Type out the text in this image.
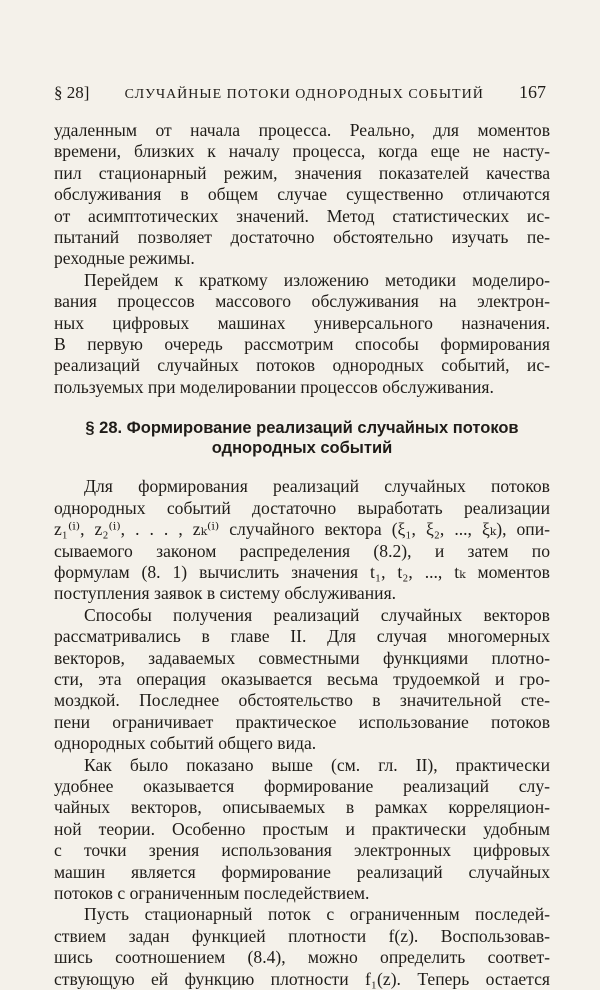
§ 28]	СЛУЧАЙНЫЕ ПОТОКИ ОДНОРОДНЫХ СОБЫТИЙ 167
удаленным от начала процесса. Реально, для моментов
времени, близких к началу процесса, когда еще не насту-
пил стационарный режим, значения показателей качества
обслуживания в общем случае существенно отличаются
от асимптотических значений. Метод статистических ис-
пытаний позволяет достаточно обстоятельно изучать пе-
реходные режимы.
Перейдем к краткому изложению методики моделиро-
вания процессов массового обслуживания на электрон-
ных цифровых машинах универсального назначения.
В первую очередь рассмотрим способы формирования
реализаций случайных потоков однородных событий, ис-
пользуемых при моделировании процессов обслуживания.
§ 28. Формирование реализаций случайных потоков
однородных событий
Для формирования реализаций случайных потоков
однородных событий достаточно выработать реализации
z₁⁽ⁱ⁾, z₂⁽ⁱ⁾, . . . , zₖ⁽ⁱ⁾ случайного вектора (ξ₁, ξ₂, ..., ξₖ), опи-
сываемого законом распределения (8.2), и затем по
формулам (8. 1) вычислить значения t₁, t₂, ..., tₖ моментов
поступления заявок в систему обслуживания.
Способы получения реализаций случайных векторов
рассматривались в главе II. Для случая многомерных
векторов, задаваемых совместными функциями плотно-
сти, эта операция оказывается весьма трудоемкой и гро-
моздкой. Последнее обстоятельство в значительной сте-
пени ограничивает практическое использование потоков
однородных событий общего вида.
Как было показано выше (см. гл. II), практически
удобнее оказывается формирование реализаций слу-
чайных векторов, описываемых в рамках корреляцион-
ной теории. Особенно простым и практически удобным
с точки зрения использования электронных цифровых
машин является формирование реализаций случайных
потоков с ограниченным последействием.
Пусть стационарный поток с ограниченным последей-
ствием задан функцией плотности f(z). Воспользовав-
шись соотношением (8.4), можно определить соответ-
ствующую ей функцию плотности f₁(z). Теперь остается
